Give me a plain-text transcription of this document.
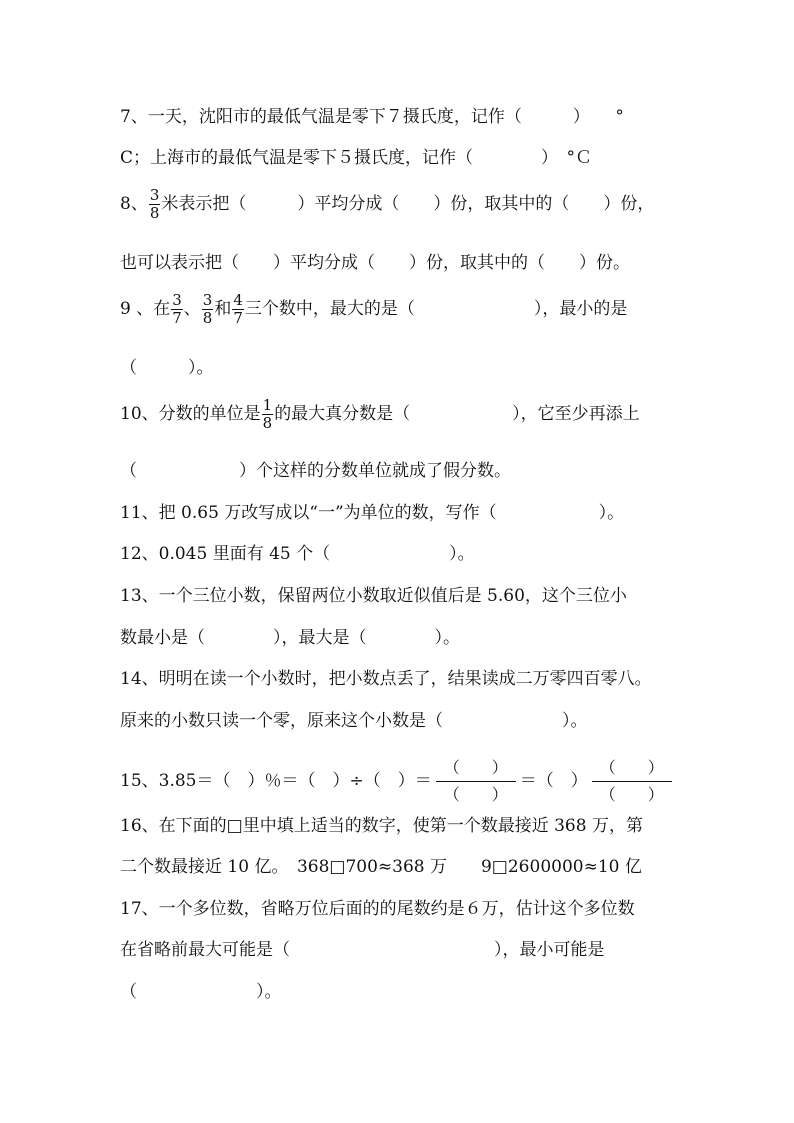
7、一天，沈阳市的最低气温是零下７摄氏度，记作（　　　）　　°
C；上海市的最低气温是零下５摄氏度，记作（　　　　）　°Ｃ
8、 $\frac{3}{8}$ 米表示把（　　　）平均分成（　　）份，取其中的（　　）份，
也可以表示把（　　）平均分成（　　）份，取其中的（　　）份。
9 、在 $\frac{3}{7}$ 、 $\frac{3}{8}$ 和 $\frac{4}{7}$ 三个数中，最大的是（　　　　　　　），最小的是
（　　　）。
10、分数的单位是 $\frac{1}{8}$ 的最大真分数是（　　　　　　），它至少再添上
（　　　　　　）个这样的分数单位就成了假分数。
11、把 0.65 万改写成以“一”为单位的数，写作（　　　　　　）。
12、0.045 里面有 45 个（　　　　　　　）。
13、一个三位小数，保留两位小数取近似值后是 5.60，这个三位小
数最小是（　　　　），最大是（　　　　）。
14、明明在读一个小数时，把小数点丢了，结果读成二万零四百零八。
原来的小数只读一个零，原来这个小数是（　　　　　　　）。
15、3.85＝（　）％＝（　）÷（　）＝
（　　）
（　　）
＝（　）
（　　）
（　　）
16、在下面的□里中填上适当的数字，使第一个数最接近 368 万，第
二个数最接近 10 亿。　368□700≈368 万　　9□2600000≈10 亿
17、一个多位数，省略万位后面的的尾数约是６万，估计这个多位数
在省略前最大可能是（　　　　　　　　　　　　），最小可能是
（　　　　　　　）。
